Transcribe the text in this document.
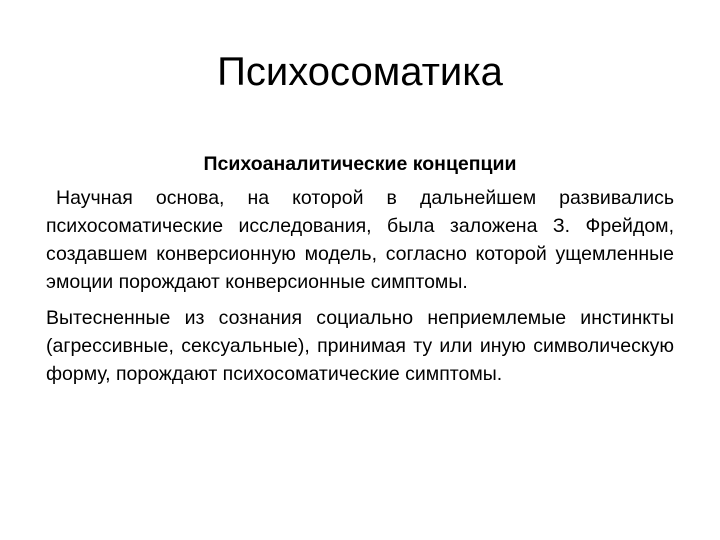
Психосоматика

Психоаналитические концепции

Научная основа, на которой в дальнейшем развивались психосоматические исследования, была заложена З. Фрейдом, создавшем конверсионную модель, согласно которой ущемленные эмоции порождают конверсионные симптомы.

Вытесненные из сознания социально неприемлемые инстинкты (агрессивные, сексуальные), принимая ту или иную символическую форму, порождают психосоматические симптомы.
